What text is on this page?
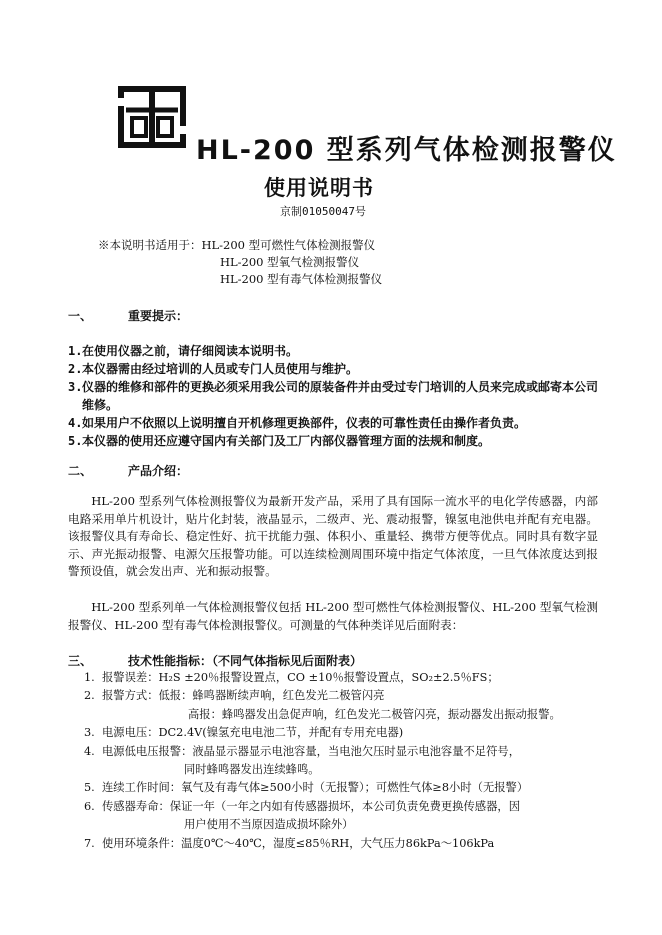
HL-200 型系列气体检测报警仪
使用说明书
京制01050047号
※本说明书适用于：HL-200 型可燃性气体检测报警仪
HL-200 型氧气检测报警仪
HL-200 型有毒气体检测报警仪
一、	重要提示：
1. 在使用仪器之前，请仔细阅读本说明书。
2. 本仪器需由经过培训的人员或专门人员使用与维护。
3. 仪器的维修和部件的更换必须采用我公司的原装备件并由受过专门培训的人员来完成或邮寄本公司维修。
4. 如果用户不依照以上说明擅自开机修理更换部件，仪表的可靠性责任由操作者负责。
5. 本仪器的使用还应遵守国内有关部门及工厂内部仪器管理方面的法规和制度。
二、	产品介绍：

HL-200 型系列气体检测报警仪为最新开发产品，采用了具有国际一流水平的电化学传感器，内部电路采用单片机设计，贴片化封装，液晶显示，二级声、光、震动报警，镍氢电池供电并配有充电器。该报警仪具有寿命长、稳定性好、抗干扰能力强、体积小、重量轻、携带方便等优点。同时具有数字显示、声光振动报警、电源欠压报警功能。可以连续检测周围环境中指定气体浓度，一旦气体浓度达到报警预设值，就会发出声、光和振动报警。

HL-200 型系列单一气体检测报警仪包括 HL-200 型可燃性气体检测报警仪、HL-200 型氧气检测报警仪、HL-200 型有毒气体检测报警仪。可测量的气体种类详见后面附表：

三、	技术性能指标：（不同气体指标见后面附表）
1. 报警误差：H₂S ±20％报警设置点，CO ±10％报警设置点，SO₂±2.5％FS；
2. 报警方式：低报：蜂鸣器断续声响，红色发光二极管闪亮
高报：蜂鸣器发出急促声响，红色发光二极管闪亮，振动器发出振动报警。
3. 电源电压：DC2.4V(镍氢充电电池二节，并配有专用充电器)
4. 电源低电压报警：液晶显示器显示电池容量，当电池欠压时显示电池容量不足符号，
同时蜂鸣器发出连续蜂鸣。
5. 连续工作时间：氧气及有毒气体≥500小时（无报警）；可燃性气体≥8小时（无报警）
6. 传感器寿命：保证一年（一年之内如有传感器损坏，本公司负责免费更换传感器，因
用户使用不当原因造成损坏除外）
7. 使用环境条件：温度0℃～40℃，湿度≤85％RH，大气压力86kPa～106kPa
